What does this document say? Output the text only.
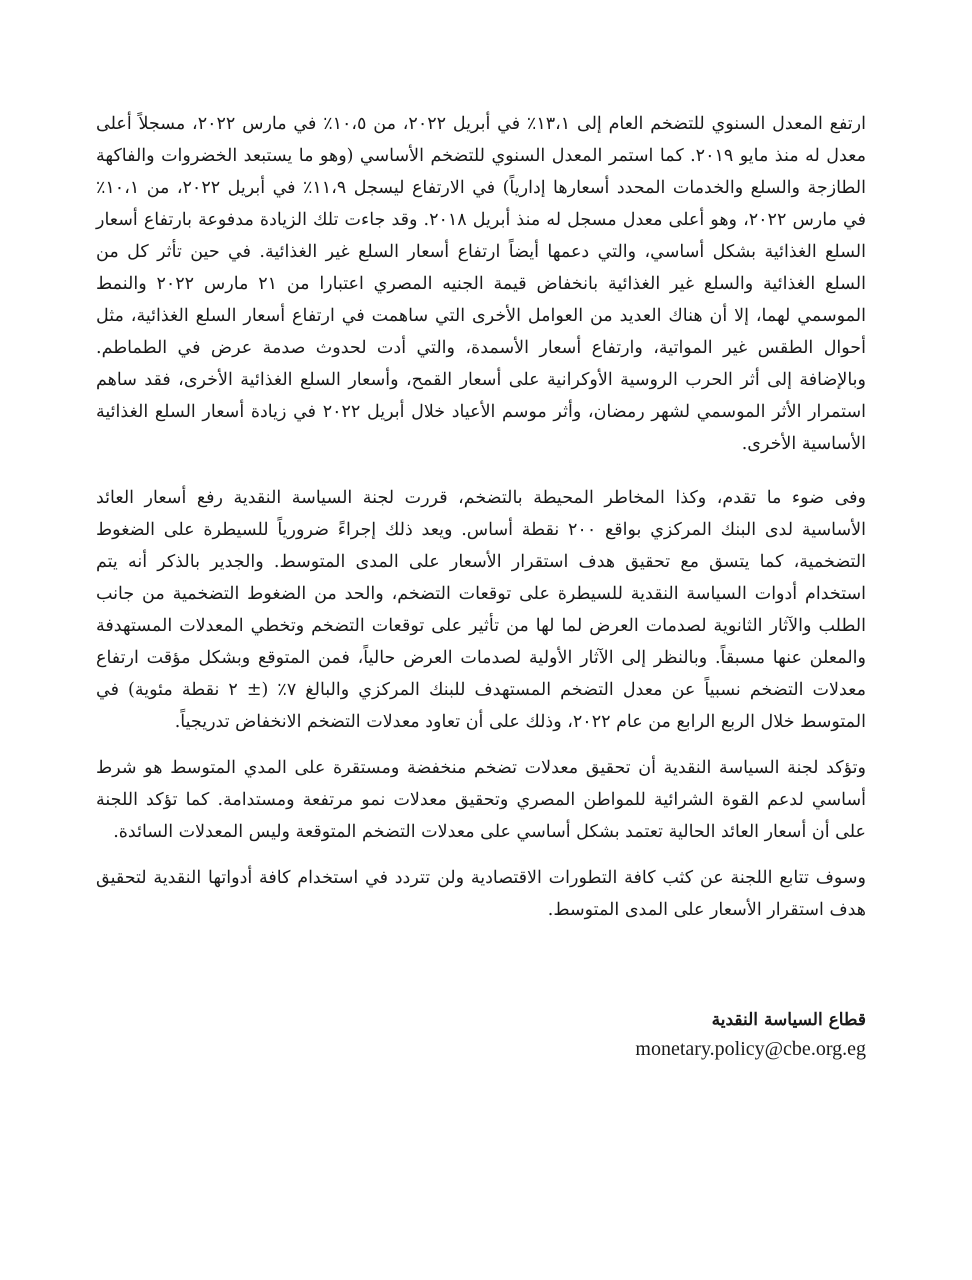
ارتفع المعدل السنوي للتضخم العام إلى ١٣،١٪ في أبريل ٢٠٢٢، من ١٠،٥٪ في مارس ٢٠٢٢، مسجلاً أعلى معدل له منذ مايو ٢٠١٩. كما استمر المعدل السنوي للتضخم الأساسي (وهو ما يستبعد الخضروات والفاكهة الطازجة والسلع والخدمات المحدد أسعارها إدارياً) في الارتفاع ليسجل ١١،٩٪ في أبريل ٢٠٢٢، من ١٠،١٪ في مارس ٢٠٢٢، وهو أعلى معدل مسجل له منذ أبريل ٢٠١٨. وقد جاءت تلك الزيادة مدفوعة بارتفاع أسعار السلع الغذائية بشكل أساسي، والتي دعمها أيضاً ارتفاع أسعار السلع غير الغذائية. في حين تأثر كل من السلع الغذائية والسلع غير الغذائية بانخفاض قيمة الجنيه المصري اعتبارا من ٢١ مارس ٢٠٢٢ والنمط الموسمي لهما، إلا أن هناك العديد من العوامل الأخرى التي ساهمت في ارتفاع أسعار السلع الغذائية، مثل أحوال الطقس غير المواتية، وارتفاع أسعار الأسمدة، والتي أدت لحدوث صدمة عرض في الطماطم. وبالإضافة إلى أثر الحرب الروسية الأوكرانية على أسعار القمح، وأسعار السلع الغذائية الأخرى، فقد ساهم استمرار الأثر الموسمي لشهر رمضان، وأثر موسم الأعياد خلال أبريل ٢٠٢٢ في زيادة أسعار السلع الغذائية الأساسية الأخرى.

وفى ضوء ما تقدم، وكذا المخاطر المحيطة بالتضخم، قررت لجنة السياسة النقدية رفع أسعار العائد الأساسية لدى البنك المركزي بواقع ٢٠٠ نقطة أساس. ويعد ذلك إجراءً ضرورياً للسيطرة على الضغوط التضخمية، كما يتسق مع تحقيق هدف استقرار الأسعار على المدى المتوسط. والجدير بالذكر أنه يتم استخدام أدوات السياسة النقدية للسيطرة على توقعات التضخم، والحد من الضغوط التضخمية من جانب الطلب والآثار الثانوية لصدمات العرض لما لها من تأثير على توقعات التضخم وتخطي المعدلات المستهدفة والمعلن عنها مسبقاً. وبالنظر إلى الآثار الأولية لصدمات العرض حالياً، فمن المتوقع وبشكل مؤقت ارتفاع معدلات التضخم نسبياً عن معدل التضخم المستهدف للبنك المركزي والبالغ ٧٪ (± ٢ نقطة مئوية) في المتوسط خلال الربع الرابع من عام ٢٠٢٢، وذلك على أن تعاود معدلات التضخم الانخفاض تدريجياً.

وتؤكد لجنة السياسة النقدية أن تحقيق معدلات تضخم منخفضة ومستقرة على المدي المتوسط هو شرط أساسي لدعم القوة الشرائية للمواطن المصري وتحقيق معدلات نمو مرتفعة ومستدامة. كما تؤكد اللجنة على أن أسعار العائد الحالية تعتمد بشكل أساسي على معدلات التضخم المتوقعة وليس المعدلات السائدة.

وسوف تتابع اللجنة عن كثب كافة التطورات الاقتصادية ولن تتردد في استخدام كافة أدواتها النقدية لتحقيق هدف استقرار الأسعار على المدى المتوسط.

قطاع السياسة النقدية
monetary.policy@cbe.org.eg
